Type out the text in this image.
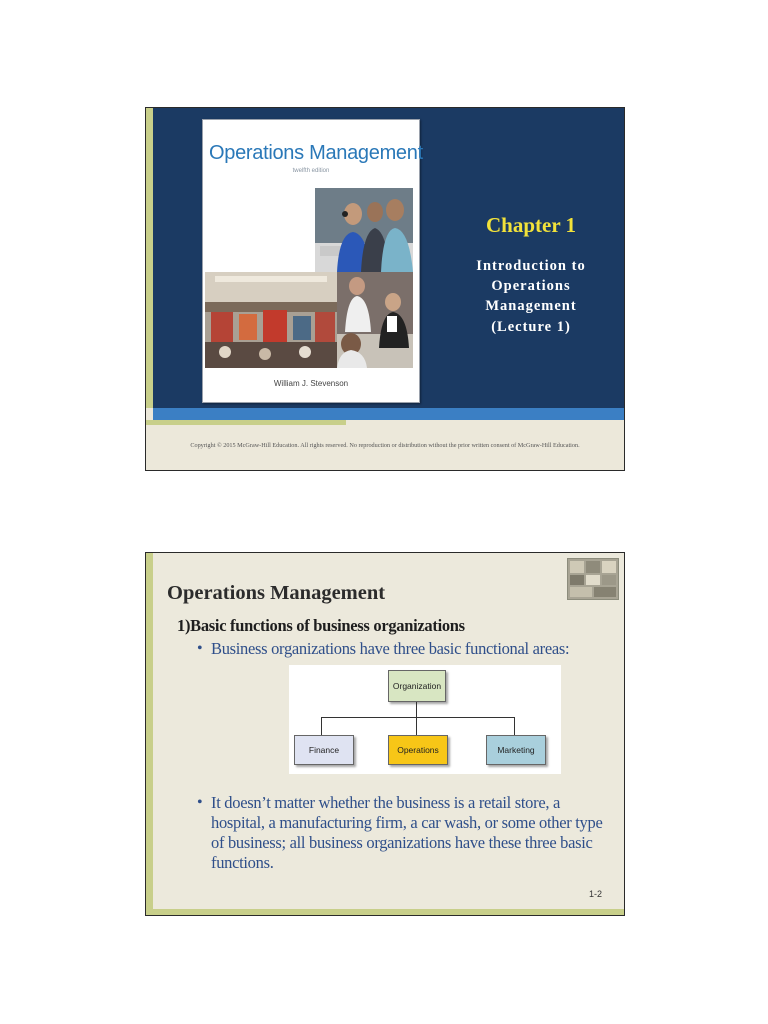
Operations Management
twelfth edition
William J. Stevenson
Chapter 1
Introduction to
Operations
Management
(Lecture 1)
Copyright © 2015 McGraw-Hill Education. All rights reserved. No reproduction or distribution without the prior written consent of McGraw-Hill Education.
Operations Management
1)Basic functions of business organizations
• Business organizations have three basic functional areas:
Organization
Finance	Operations	Marketing
• It doesn’t matter whether the business is a retail store, a hospital, a manufacturing firm, a car wash, or some other type of business; all business organizations have these three basic functions.
1-2
